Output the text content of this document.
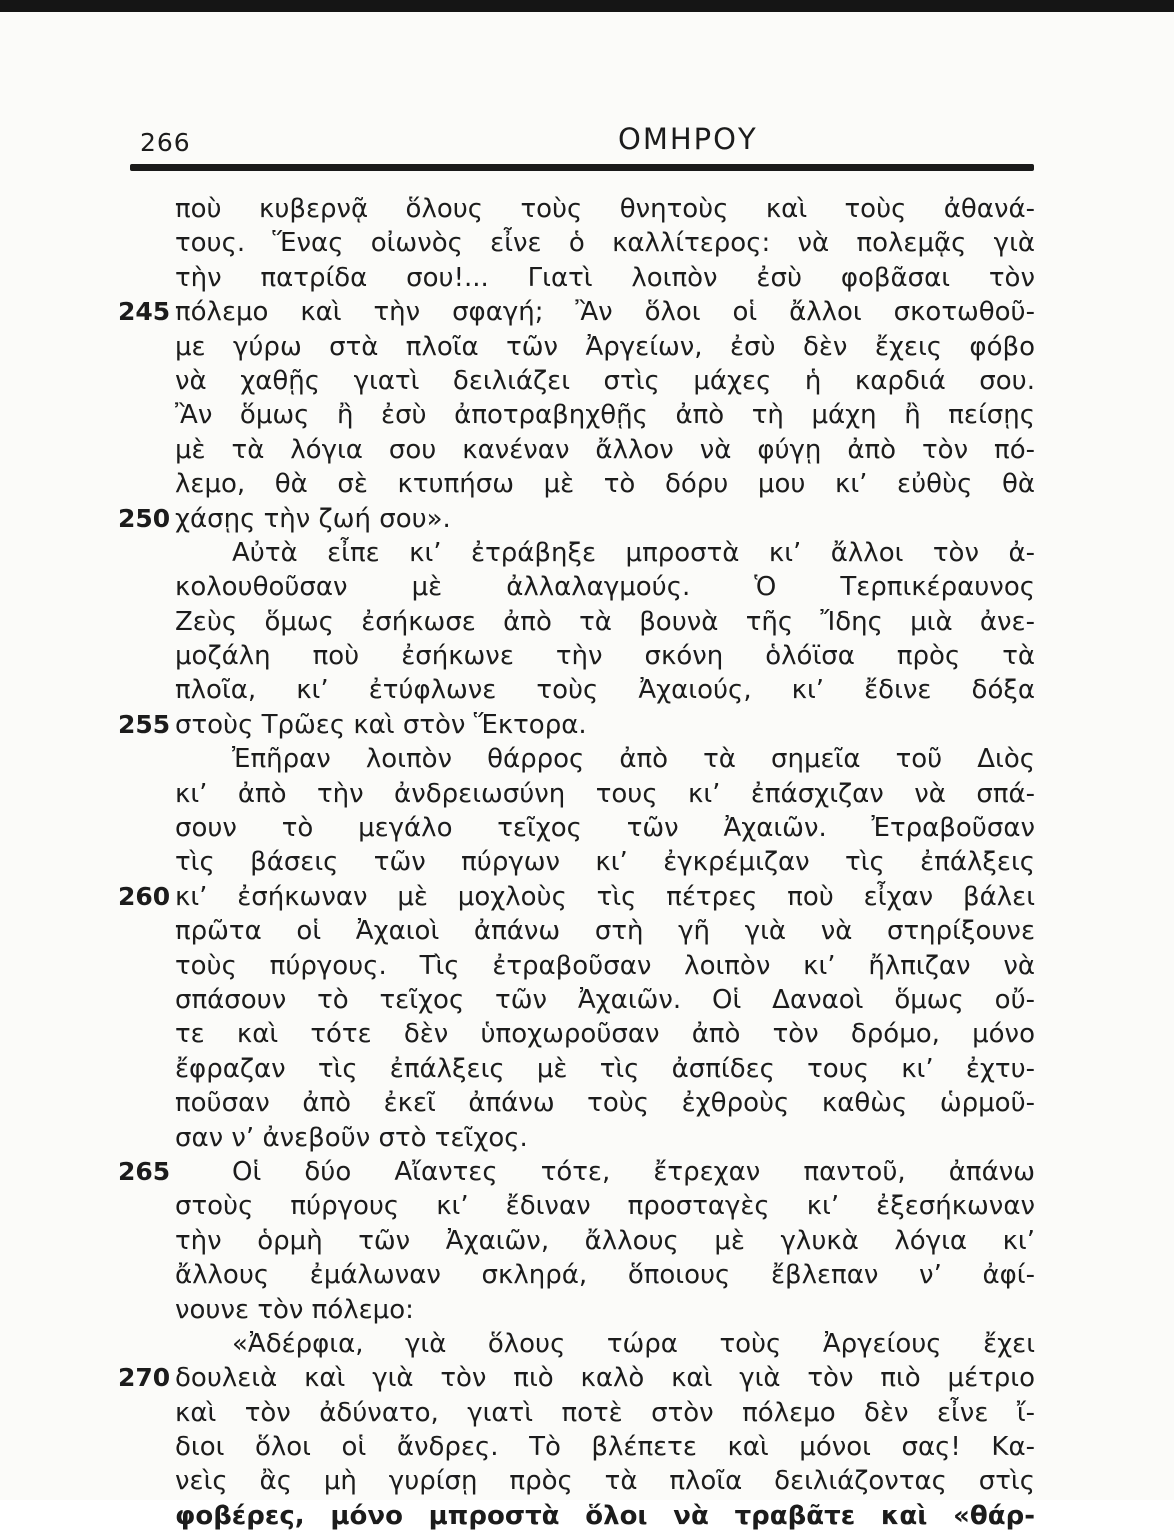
266	ΟΜΗΡΟΥ
ποὺ κυβερνᾷ ὅλους τοὺς θνητοὺς καὶ τοὺς ἀθανά-
τους. Ἕνας οἰωνὸς εἶνε ὁ καλλίτερος: νὰ πολεμᾷς γιὰ
τὴν πατρίδα σου!... Γιατὶ λοιπὸν ἐσὺ φοβᾶσαι τὸν
245 πόλεμο καὶ τὴν σφαγή; Ἂν ὅλοι οἱ ἄλλοι σκοτωθοῦ-
με γύρω στὰ πλοῖα τῶν Ἀργείων, ἐσὺ δὲν ἔχεις φόβο
νὰ χαθῇς γιατὶ δειλιάζει στὶς μάχες ἡ καρδιά σου.
Ἂν ὅμως ἢ ἐσὺ ἀποτραβηχθῇς ἀπὸ τὴ μάχη ἢ πείσῃς
μὲ τὰ λόγια σου κανέναν ἄλλον νὰ φύγῃ ἀπὸ τὸν πό-
λεμο, θὰ σὲ κτυπήσω μὲ τὸ δόρυ μου κι’ εὐθὺς θὰ
250 χάσῃς τὴν ζωή σου».
Αὐτὰ εἶπε κι’ ἐτράβηξε μπροστὰ κι’ ἄλλοι τὸν ἀ-
κολουθοῦσαν μὲ ἀλλαλαγμούς. Ὁ Τερπικέραυνος
Ζεὺς ὅμως ἐσήκωσε ἀπὸ τὰ βουνὰ τῆς Ἴδης μιὰ ἀνε-
μοζάλη ποὺ ἐσήκωνε τὴν σκόνη ὁλόϊσα πρὸς τὰ
πλοῖα, κι’ ἐτύφλωνε τοὺς Ἀχαιούς, κι’ ἔδινε δόξα
255 στοὺς Τρῶες καὶ στὸν Ἕκτορα.
Ἐπῆραν λοιπὸν θάρρος ἀπὸ τὰ σημεῖα τοῦ Διὸς
κι’ ἀπὸ τὴν ἀνδρειωσύνη τους κι’ ἐπάσχιζαν νὰ σπά-
σουν τὸ μεγάλο τεῖχος τῶν Ἀχαιῶν. Ἐτραβοῦσαν
τὶς βάσεις τῶν πύργων κι’ ἐγκρέμιζαν τὶς ἐπάλξεις
260 κι’ ἐσήκωναν μὲ μοχλοὺς τὶς πέτρες ποὺ εἶχαν βάλει
πρῶτα οἱ Ἀχαιοὶ ἀπάνω στὴ γῆ γιὰ νὰ στηρίξουνε
τοὺς πύργους. Τὶς ἐτραβοῦσαν λοιπὸν κι’ ἤλπιζαν νὰ
σπάσουν τὸ τεῖχος τῶν Ἀχαιῶν. Οἱ Δαναοὶ ὅμως οὔ-
τε καὶ τότε δὲν ὑποχωροῦσαν ἀπὸ τὸν δρόμο, μόνο
ἔφραζαν τὶς ἐπάλξεις μὲ τὶς ἀσπίδες τους κι’ ἐχτυ-
ποῦσαν ἀπὸ ἐκεῖ ἀπάνω τοὺς ἐχθροὺς καθὼς ὡρμοῦ-
σαν ν’ ἀνεβοῦν στὸ τεῖχος.
265 Οἱ δύο Αἴαντες τότε, ἔτρεχαν παντοῦ, ἀπάνω
στοὺς πύργους κι’ ἔδιναν προσταγὲς κι’ ἐξεσήκωναν
τὴν ὁρμὴ τῶν Ἀχαιῶν, ἄλλους μὲ γλυκὰ λόγια κι’
ἄλλους ἐμάλωναν σκληρά, ὅποιους ἔβλεπαν ν’ ἀφί-
νουνε τὸν πόλεμο:
«Ἀδέρφια, γιὰ ὅλους τώρα τοὺς Ἀργείους ἔχει
270 δουλειὰ καὶ γιὰ τὸν πιὸ καλὸ καὶ γιὰ τὸν πιὸ μέτριο
καὶ τὸν ἀδύνατο, γιατὶ ποτὲ στὸν πόλεμο δὲν εἶνε ἴ-
διοι ὅλοι οἱ ἄνδρες. Τὸ βλέπετε καὶ μόνοι σας! Κα-
νεὶς ἂς μὴ γυρίσῃ πρὸς τὰ πλοῖα δειλιάζοντας στὶς
φοβέρες, μόνο μπροστὰ ὅλοι νὰ τραβᾶτε καὶ «θάρ-
